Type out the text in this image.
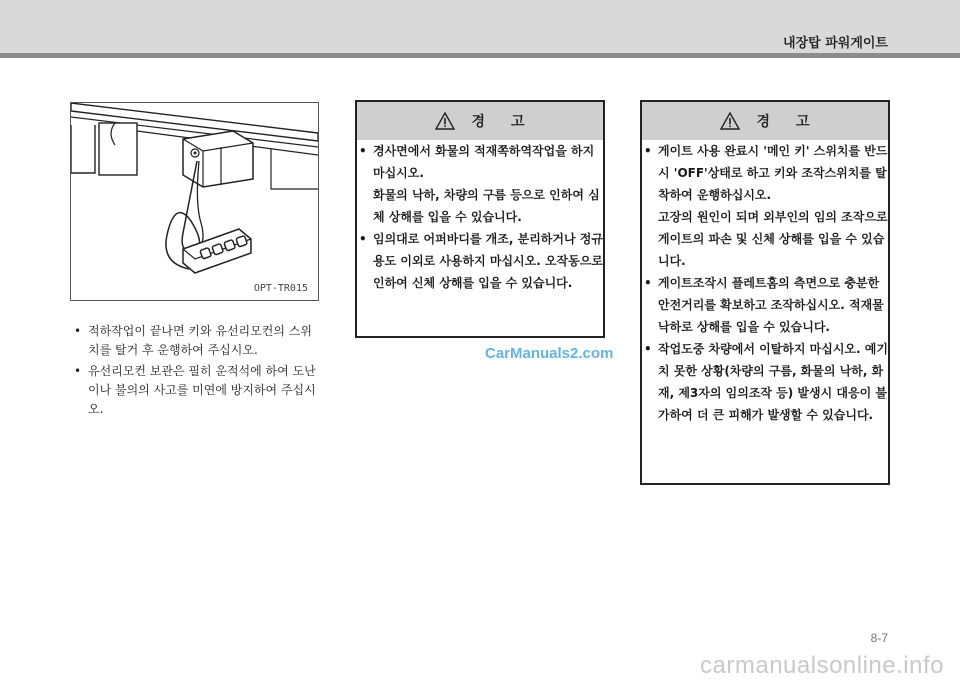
내장탑 파워게이트
OPT-TR015
• 적하작업이 끝나면 키와 유선리모컨의 스위치를 탈거 후 운행하여 주십시오.
• 유선리모컨 보관은 필히 운적석에 하여 도난이나 불의의 사고를 미연에 방지하여 주십시오.
경고
• 경사면에서 화물의 적재쪽하역작업을 하지 마십시오.
화물의 낙하, 차량의 구름 등으로 인하여 심체 상해를 입을 수 있습니다.
• 임의대로 어퍼바디를 개조, 분리하거나 정규용도 이외로 사용하지 마십시오. 오작동으로 인하여 신체 상해를 입을 수 있습니다.
CarManuals2.com
경고
• 게이트 사용 완료시 '메인 키' 스위치를 반드시 'OFF'상태로 하고 키와 조작스위치를 탈착하여 운행하십시오.
고장의 원인이 되며 외부인의 임의 조작으로 게이트의 파손 및 신체 상해를 입을 수 있습니다.
• 게이트조작시 플레트홈의 측면으로 충분한 안전거리를 확보하고 조작하십시오. 적재물 낙하로 상해를 입을 수 있습니다.
• 작업도중 차량에서 이탈하지 마십시오. 예기치 못한 상황(차량의 구름, 화물의 낙하, 화재, 제3자의 임의조작 등) 발생시 대응이 불가하여 더 큰 피해가 발생할 수 있습니다.
8-7
carmanualsonline.info
